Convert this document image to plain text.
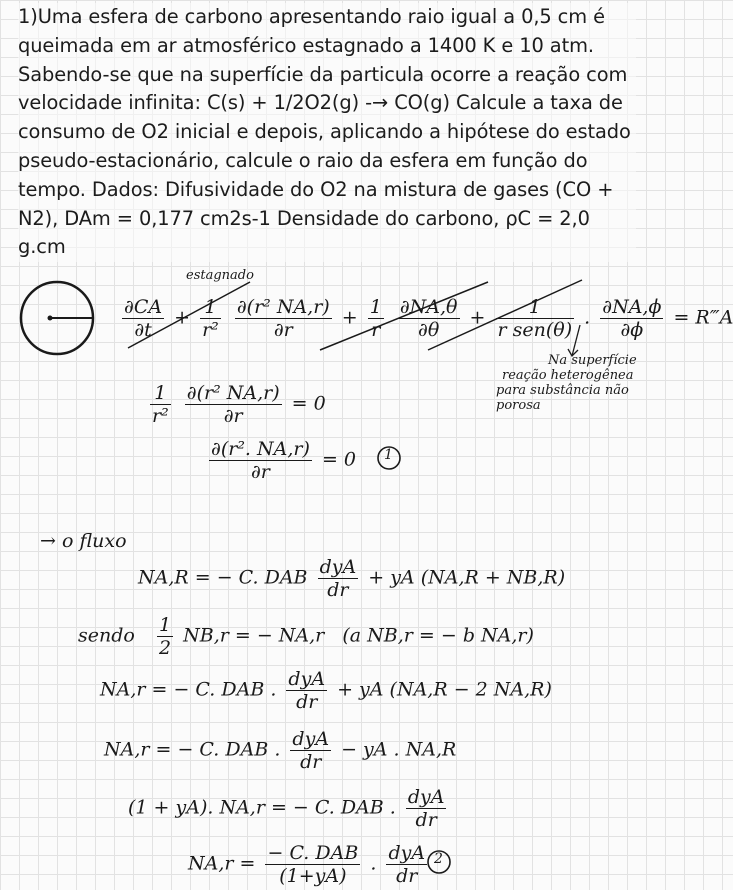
1)Uma esfera de carbono apresentando raio igual a 0,5 cm é queimada em ar atmosférico estagnado a 1400 K e 10 atm. Sabendo-se que na superfície da particula ocorre a reação com velocidade infinita: C(s) + 1/2O2(g) -→ CO(g) Calcule a taxa de consumo de O2 inicial e depois, aplicando a hipótese do estado pseudo-estacionário, calcule o raio da esfera em função do tempo. Dados: Difusividade do O2 na mistura de gases (CO + N2), DAm = 0,177 cm2s-1 Densidade do carbono, ρC = 2,0 g.cm
estagnado
$\frac{\partial CA}{\partial t} + \frac{1}{\text{r²}}$
$\frac{\text{∂(r² NA,r)}}{\partial r} + \frac{1}{r}$
$\frac{\partial NA,\theta}{\partial\theta} + \frac{1}{\text{r sen(θ)}}$ . $\frac{\partial NA,\phi}{\partial\phi}$ = R‴A
Na superfície
reação heterogênea
para substância não
porosa
$\frac{1}{\text{r²}}$
$\frac{\text{∂(r² NA,r)}}{\partial r} = 0$
$\frac{\text{∂(r². NA,r)}}{\partial r} = 0$ 1
→ o fluxo
NA,R = − C. DAB $\frac{\text{dyA}}{dr}$ + yA (NA,R + NB,R)
sendo $\frac{1}{2} NB,r$ = − NA,r (a NB,r = − b NA,r)
NA,r = − C. DAB . $\frac{\text{dyA}}{dr}$ + yA (NA,R − 2 NA,R)
NA,r = − C. DAB . $\frac{\text{dyA}}{dr}$ − yA . NA,R
(1 + yA). NA,r = − C. DAB . $\frac{\text{dyA}}{dr}$
$NA,r = \frac{\text{− C. DAB}}{(1+yA)}$ . $\frac{\text{dyA}}{dr} 2$
